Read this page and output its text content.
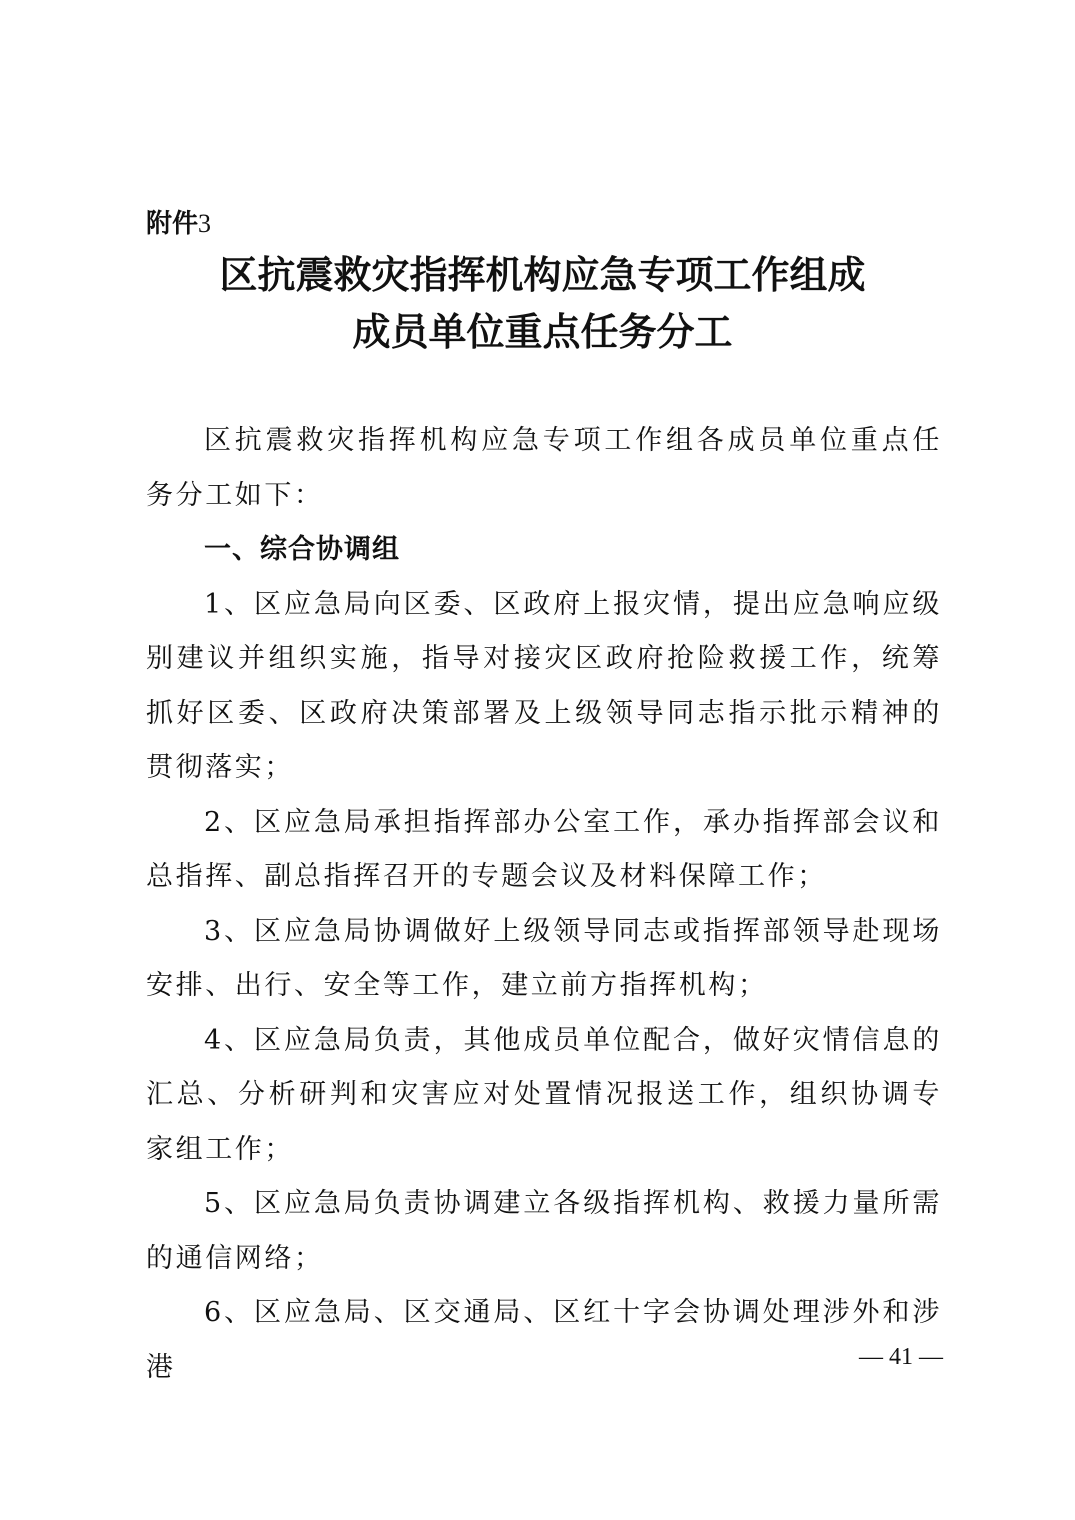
附件3
区抗震救灾指挥机构应急专项工作组成
成员单位重点任务分工

区抗震救灾指挥机构应急专项工作组各成员单位重点任务分工如下：

一、综合协调组

1、区应急局向区委、区政府上报灾情，提出应急响应级别建议并组织实施，指导对接灾区政府抢险救援工作，统筹抓好区委、区政府决策部署及上级领导同志指示批示精神的贯彻落实；

2、区应急局承担指挥部办公室工作，承办指挥部会议和总指挥、副总指挥召开的专题会议及材料保障工作；

3、区应急局协调做好上级领导同志或指挥部领导赴现场安排、出行、安全等工作，建立前方指挥机构；

4、区应急局负责，其他成员单位配合，做好灾情信息的汇总、分析研判和灾害应对处置情况报送工作，组织协调专家组工作；

5、区应急局负责协调建立各级指挥机构、救援力量所需的通信网络；

6、区应急局、区交通局、区红十字会协调处理涉外和涉港	— 41 —
